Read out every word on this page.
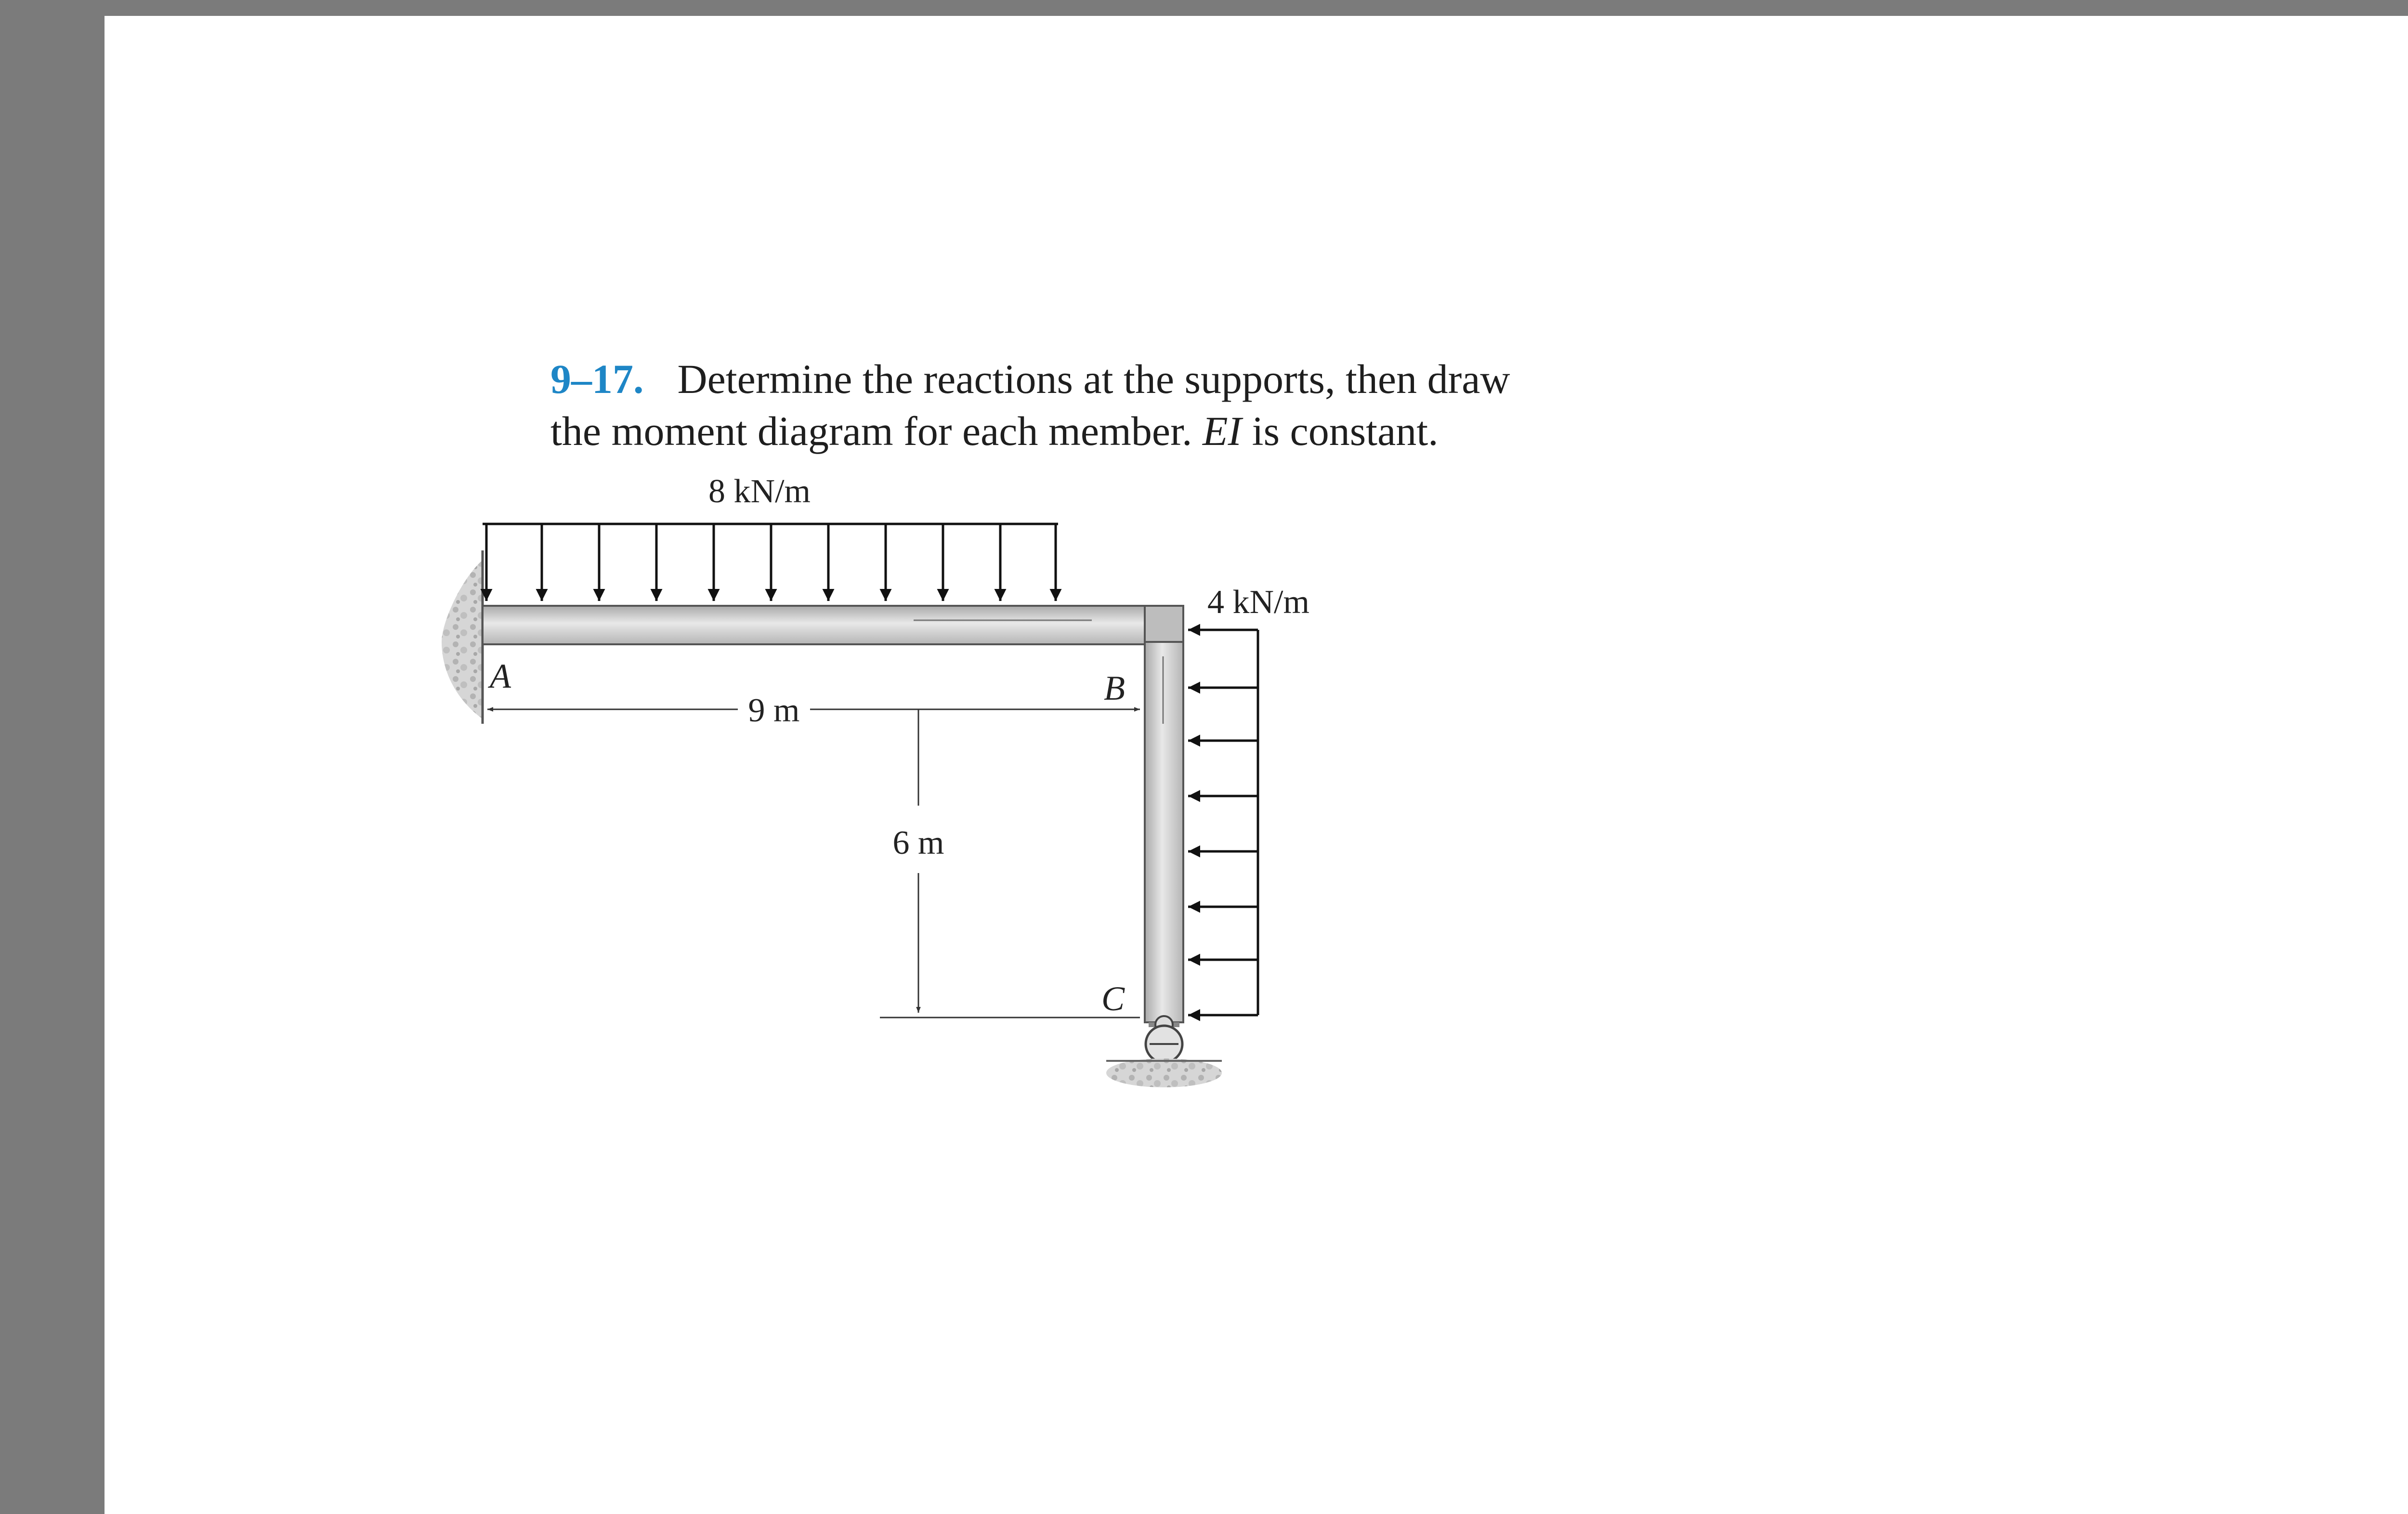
9–17. Determine the reactions at the supports, then draw
the moment diagram for each member. EI is constant.
8 kN/m
4 kN/m
A	B
C
9 m
6 m
